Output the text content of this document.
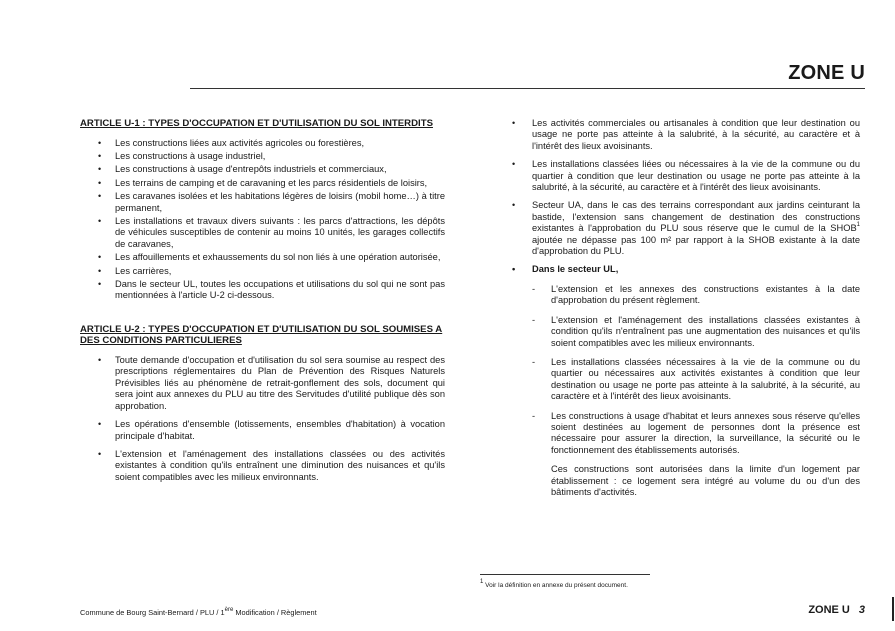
ZONE U
ARTICLE U-1 : TYPES D'OCCUPATION ET D'UTILISATION DU SOL INTERDITS
• Les constructions liées aux activités agricoles ou forestières,
• Les constructions à usage industriel,
• Les constructions à usage d'entrepôts industriels et commerciaux,
• Les terrains de camping et de caravaning et les parcs résidentiels de loisirs,
• Les caravanes isolées et les habitations légères de loisirs (mobil home…) à titre permanent,
• Les installations et travaux divers suivants : les parcs d'attractions, les dépôts de véhicules susceptibles de contenir au moins 10 unités, les garages collectifs de caravanes,
• Les affouillements et exhaussements du sol non liés à une opération autorisée,
• Les carrières,
• Dans le secteur UL, toutes les occupations et utilisations du sol qui ne sont pas mentionnées à l'article U-2 ci-dessous.
ARTICLE U-2 : TYPES D'OCCUPATION ET D'UTILISATION DU SOL SOUMISES A DES CONDITIONS PARTICULIERES
• Toute demande d'occupation et d'utilisation du sol sera soumise au respect des prescriptions réglementaires du Plan de Prévention des Risques Naturels Prévisibles liés au phénomène de retrait-gonflement des sols, document qui sera joint aux annexes du PLU au titre des Servitudes d'utilité publique dès son approbation.
• Les opérations d'ensemble (lotissements, ensembles d'habitation) à vocation principale d'habitat.
• L'extension et l'aménagement des installations classées ou des activités existantes à condition qu'ils entraînent une diminution des nuisances et qu'ils soient compatibles avec les milieux environnants.
• Les activités commerciales ou artisanales à condition que leur destination ou usage ne porte pas atteinte à la salubrité, à la sécurité, au caractère et à l'intérêt des lieux avoisinants.
• Les installations classées liées ou nécessaires à la vie de la commune ou du quartier à condition que leur destination ou usage ne porte pas atteinte à la salubrité, à la sécurité, au caractère et à l'intérêt des lieux avoisinants.
• Secteur UA, dans le cas des terrains correspondant aux jardins ceinturant la bastide, l'extension sans changement de destination des constructions existantes à l'approbation du PLU sous réserve que le cumul de la SHOB$^1$ ajoutée ne dépasse pas 100 m² par rapport à la SHOB existante à la date d'approbation du PLU.
• Dans le secteur UL,
- L'extension et les annexes des constructions existantes à la date d'approbation du présent règlement.
- L'extension et l'aménagement des installations classées existantes à condition qu'ils n'entraînent pas une augmentation des nuisances et qu'ils soient compatibles avec les milieux environnants.
- Les installations classées nécessaires à la vie de la commune ou du quartier ou nécessaires aux activités existantes à condition que leur destination ou usage ne porte pas atteinte à la salubrité, à la sécurité, au caractère et à l'intérêt des lieux avoisinants.
- Les constructions à usage d'habitat et leurs annexes sous réserve qu'elles soient destinées au logement de personnes dont la présence est nécessaire pour assurer la direction, la surveillance, la sécurité ou le fonctionnement des établissements autorisés.
Ces constructions sont autorisées dans la limite d'un logement par établissement : ce logement sera intégré au volume du ou d'un des bâtiments d'activités.
$^1$ Voir la définition en annexe du présent document.
Commune de Bourg Saint-Bernard / PLU / 1ère Modification / Règlement	ZONE U 3
